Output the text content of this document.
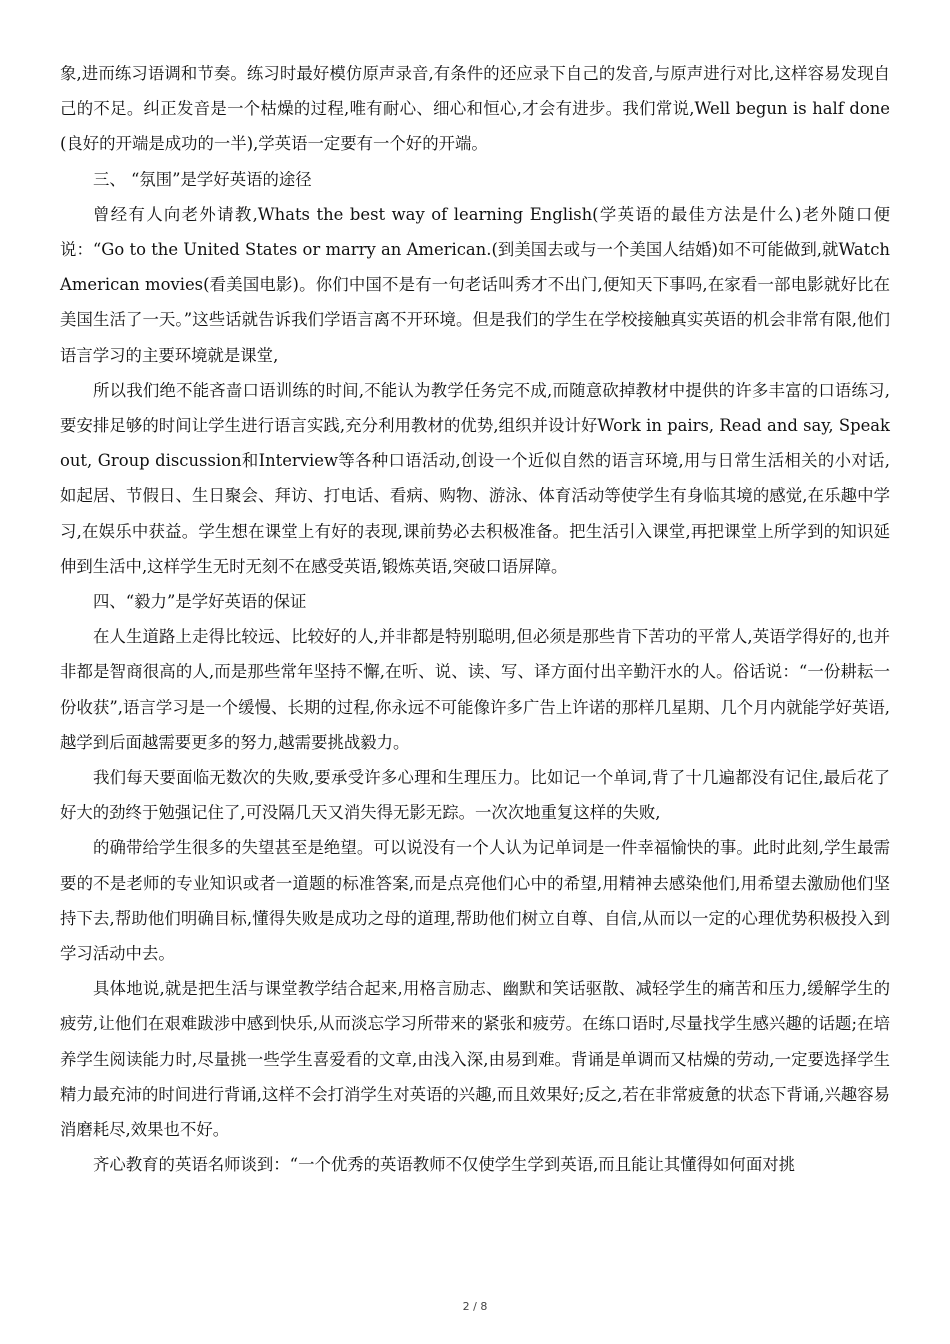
象,进而练习语调和节奏。练习时最好模仿原声录音,有条件的还应录下自己的发音,与原声进行对比,这样容易发现自己的不足。纠正发音是一个枯燥的过程,唯有耐心、细心和恒心,才会有进步。我们常说,Well begun is half done(良好的开端是成功的一半),学英语一定要有一个好的开端。

三、 “氛围”是学好英语的途径

曾经有人向老外请教,Whats the best way of learning English(学英语的最佳方法是什么)老外随口便说：“Go to the United States or marry an American.(到美国去或与一个美国人结婚)如不可能做到,就Watch American movies(看美国电影)。你们中国不是有一句老话叫秀才不出门,便知天下事吗,在家看一部电影就好比在美国生活了一天。”这些话就告诉我们学语言离不开环境。但是我们的学生在学校接触真实英语的机会非常有限,他们语言学习的主要环境就是课堂,

所以我们绝不能吝啬口语训练的时间,不能认为教学任务完不成,而随意砍掉教材中提供的许多丰富的口语练习,要安排足够的时间让学生进行语言实践,充分利用教材的优势,组织并设计好Work in pairs, Read and say, Speak out, Group discussion和Interview等各种口语活动,创设一个近似自然的语言环境,用与日常生活相关的小对话,如起居、节假日、生日聚会、拜访、打电话、看病、购物、游泳、体育活动等使学生有身临其境的感觉,在乐趣中学习,在娱乐中获益。学生想在课堂上有好的表现,课前势必去积极准备。把生活引入课堂,再把课堂上所学到的知识延伸到生活中,这样学生无时无刻不在感受英语,锻炼英语,突破口语屏障。

四、“毅力”是学好英语的保证

在人生道路上走得比较远、比较好的人,并非都是特别聪明,但必须是那些肯下苦功的平常人,英语学得好的,也并非都是智商很高的人,而是那些常年坚持不懈,在听、说、读、写、译方面付出辛勤汗水的人。俗话说：“一份耕耘一份收获”,语言学习是一个缓慢、长期的过程,你永远不可能像许多广告上许诺的那样几星期、几个月内就能学好英语,越学到后面越需要更多的努力,越需要挑战毅力。

我们每天要面临无数次的失败,要承受许多心理和生理压力。比如记一个单词,背了十几遍都没有记住,最后花了好大的劲终于勉强记住了,可没隔几天又消失得无影无踪。一次次地重复这样的失败,

的确带给学生很多的失望甚至是绝望。可以说没有一个人认为记单词是一件幸福愉快的事。此时此刻,学生最需要的不是老师的专业知识或者一道题的标准答案,而是点亮他们心中的希望,用精神去感染他们,用希望去激励他们坚持下去,帮助他们明确目标,懂得失败是成功之母的道理,帮助他们树立自尊、自信,从而以一定的心理优势积极投入到学习活动中去。

具体地说,就是把生活与课堂教学结合起来,用格言励志、幽默和笑话驱散、减轻学生的痛苦和压力,缓解学生的疲劳,让他们在艰难跋涉中感到快乐,从而淡忘学习所带来的紧张和疲劳。在练口语时,尽量找学生感兴趣的话题;在培养学生阅读能力时,尽量挑一些学生喜爱看的文章,由浅入深,由易到难。背诵是单调而又枯燥的劳动,一定要选择学生精力最充沛的时间进行背诵,这样不会打消学生对英语的兴趣,而且效果好;反之,若在非常疲惫的状态下背诵,兴趣容易消磨耗尽,效果也不好。

齐心教育的英语名师谈到：“一个优秀的英语教师不仅使学生学到英语,而且能让其懂得如何面对挑

2 / 8
